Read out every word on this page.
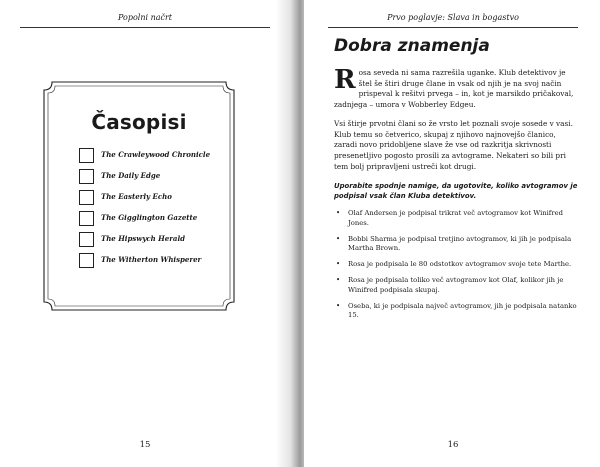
Popolni načrt
Časopisi
The Crawleywood Chronicle
The Daily Edge
The Easterly Echo
The Gigglington Gazette
The Hipswych Herald
The Witherton Whisperer
15
Prvo poglavje: Slava in bogastvo
Dobra znamenja

Rosa seveda ni sama razrešila uganke. Klub detektivov je štel še štiri druge člane in vsak od njih je na svoj način prispeval k rešitvi prvega – in, kot je marsikdo pričakoval, zadnjega – umora v Wobberley Edgeu.

Vsi štirje prvotni člani so že vrsto let poznali svoje sosede v vasi. Klub temu so četverico, skupaj z njihovo najnovejšo članico, zaradi novo pridobljene slave že vse od razkritja skrivnosti presenetljivo pogosto prosili za avtograme. Nekateri so bili pri tem bolj pripravljeni ustreči kot drugi.

Uporabite spodnje namige, da ugotovite, koliko avtogramov je podpisal vsak član Kluba detektivov.
• Olaf Andersen je podpisal trikrat več avtogramov kot Winifred Jones.
• Bobbi Sharma je podpisal tretjino avtogramov, ki jih je podpisala Martha Brown.
• Rosa je podpisala le 80 odstotkov avtogramov svoje tete Marthe.
• Rosa je podpisala toliko več avtogramov kot Olaf, kolikor jih je Winifred podpisala skupaj.
• Oseba, ki je podpisala največ avtogramov, jih je podpisala natanko 15.
16
